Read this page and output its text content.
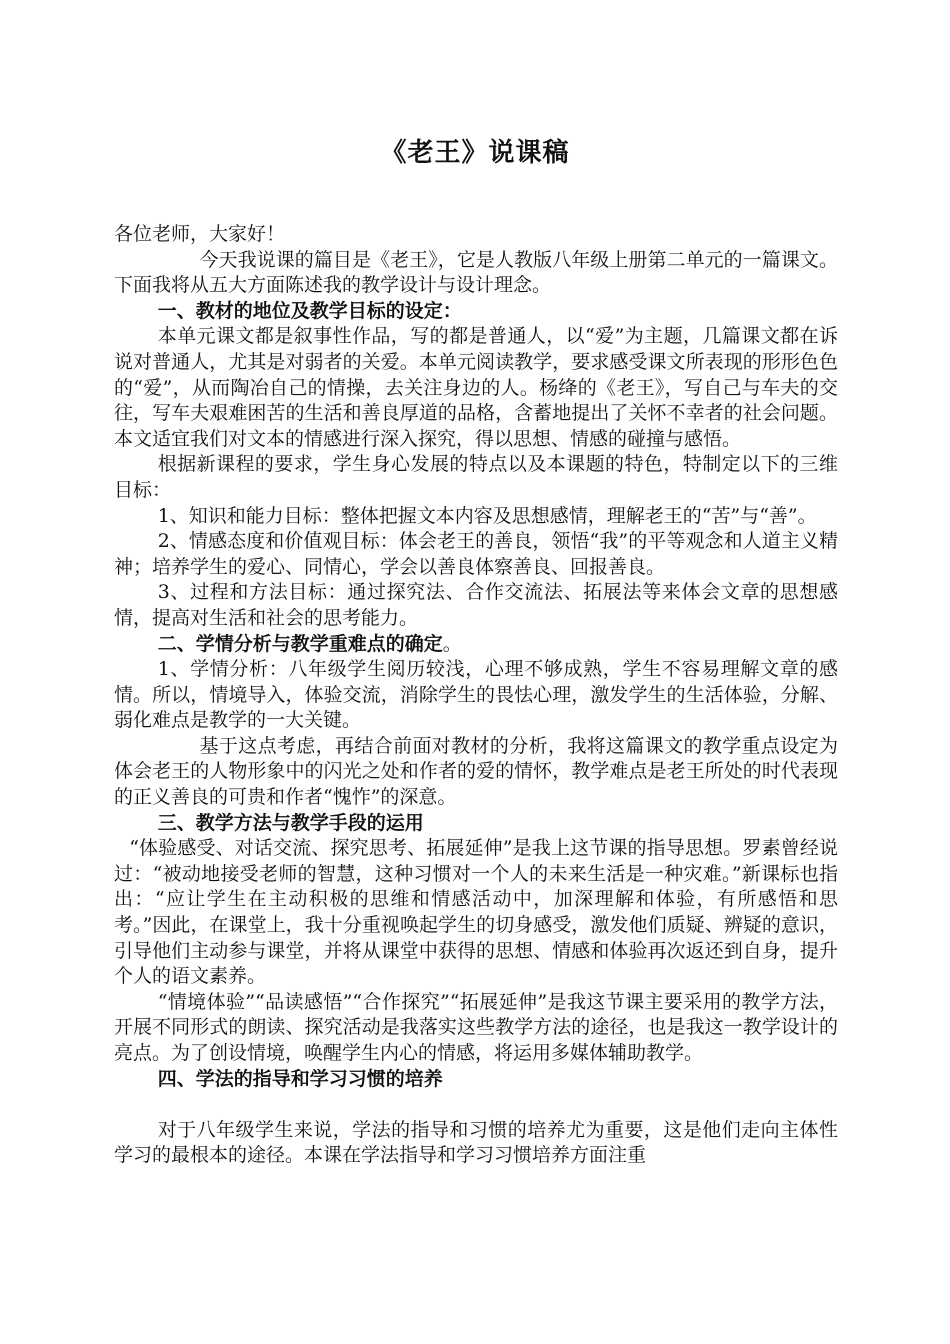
《老王》说课稿

各位老师，大家好！

今天我说课的篇目是《老王》，它是人教版八年级上册第二单元的一篇课文。下面我将从五大方面陈述我的教学设计与设计理念。

一、教材的地位及教学目标的设定：

本单元课文都是叙事性作品，写的都是普通人，以“爱”为主题，几篇课文都在诉说对普通人，尤其是对弱者的关爱。本单元阅读教学，要求感受课文所表现的形形色色的“爱”，从而陶冶自己的情操，去关注身边的人。杨绛的《老王》，写自己与车夫的交往，写车夫艰难困苦的生活和善良厚道的品格，含蓄地提出了关怀不幸者的社会问题。本文适宜我们对文本的情感进行深入探究，得以思想、情感的碰撞与感悟。

根据新课程的要求，学生身心发展的特点以及本课题的特色，特制定以下的三维目标：

1、知识和能力目标：整体把握文本内容及思想感情，理解老王的“苦”与“善”。

2、情感态度和价值观目标：体会老王的善良，领悟“我”的平等观念和人道主义精神；培养学生的爱心、同情心，学会以善良体察善良、回报善良。

3、过程和方法目标：通过探究法、合作交流法、拓展法等来体会文章的思想感情，提高对生活和社会的思考能力。

二、学情分析与教学重难点的确定。

1、学情分析：八年级学生阅历较浅，心理不够成熟，学生不容易理解文章的感情。所以，情境导入，体验交流，消除学生的畏怯心理，激发学生的生活体验，分解、弱化难点是教学的一大关键。

基于这点考虑，再结合前面对教材的分析，我将这篇课文的教学重点设定为体会老王的人物形象中的闪光之处和作者的爱的情怀，教学难点是老王所处的时代表现的正义善良的可贵和作者“愧怍”的深意。

三、教学方法与教学手段的运用

“体验感受、对话交流、探究思考、拓展延伸”是我上这节课的指导思想。罗素曾经说过：“被动地接受老师的智慧，这种习惯对一个人的未来生活是一种灾难。”新课标也指出：“应让学生在主动积极的思维和情感活动中，加深理解和体验，有所感悟和思考。”因此，在课堂上，我十分重视唤起学生的切身感受，激发他们质疑、辨疑的意识，引导他们主动参与课堂，并将从课堂中获得的思想、情感和体验再次返还到自身，提升个人的语文素养。

“情境体验”“品读感悟”“合作探究”“拓展延伸”是我这节课主要采用的教学方法，开展不同形式的朗读、探究活动是我落实这些教学方法的途径，也是我这一教学设计的亮点。为了创设情境，唤醒学生内心的情感，将运用多媒体辅助教学。

四、学法的指导和学习习惯的培养

对于八年级学生来说，学法的指导和习惯的培养尤为重要，这是他们走向主体性学习的最根本的途径。本课在学法指导和学习习惯培养方面注重
